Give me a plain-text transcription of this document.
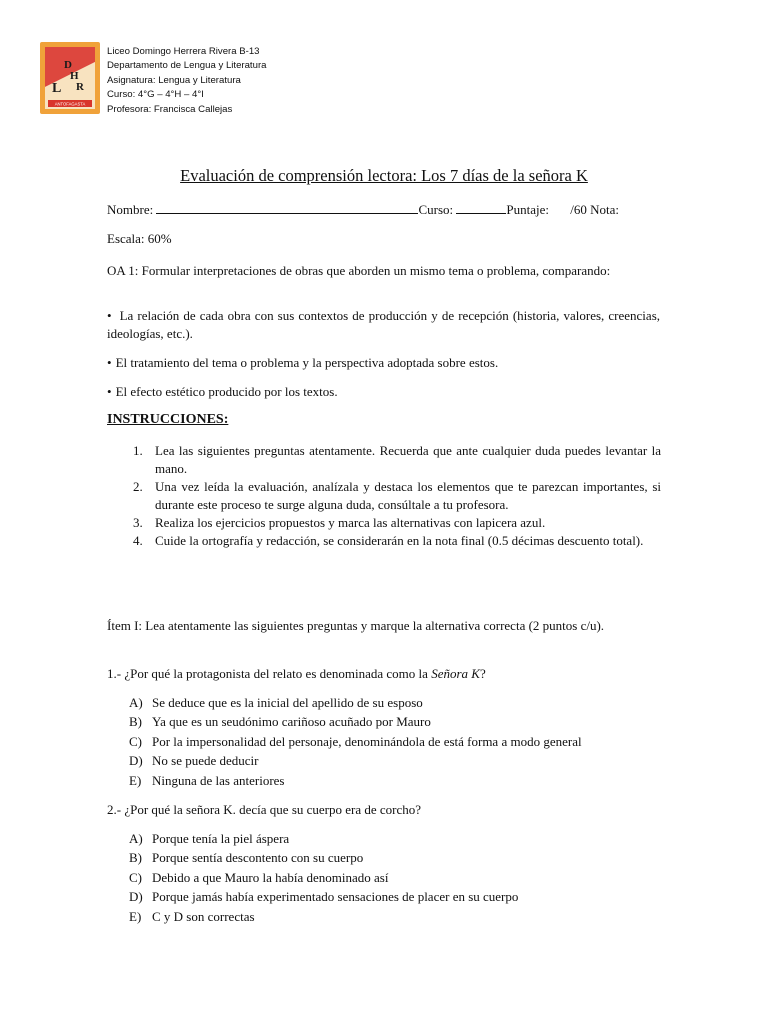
D
H
R
L
ANTOFAGASTA
Liceo Domingo Herrera Rivera B-13
Departamento de Lengua y Literatura
Asignatura: Lengua y Literatura
Curso: 4°G – 4°H – 4°I
Profesora: Francisca Callejas
Evaluación de comprensión lectora: Los 7 días de la señora K
Nombre:	Curso:	Puntaje: /60 Nota:
Escala: 60%
OA 1: Formular interpretaciones de obras que aborden un mismo tema o problema, comparando:
• La relación de cada obra con sus contextos de producción y de recepción (historia, valores, creencias, ideologías, etc.).
• El tratamiento del tema o problema y la perspectiva adoptada sobre estos.
• El efecto estético producido por los textos.
INSTRUCCIONES:
1. Lea las siguientes preguntas atentamente. Recuerda que ante cualquier duda puedes levantar la mano.
2. Una vez leída la evaluación, analízala y destaca los elementos que te parezcan importantes, si durante este proceso te surge alguna duda, consúltale a tu profesora.
3. Realiza los ejercicios propuestos y marca las alternativas con lapicera azul.
4. Cuide la ortografía y redacción, se considerarán en la nota final (0.5 décimas descuento total).
Ítem I: Lea atentamente las siguientes preguntas y marque la alternativa correcta (2 puntos c/u).
1.- ¿Por qué la protagonista del relato es denominada como la Señora K?
A) Se deduce que es la inicial del apellido de su esposo
B) Ya que es un seudónimo cariñoso acuñado por Mauro
C) Por la impersonalidad del personaje, denominándola de está forma a modo general
D) No se puede deducir
E) Ninguna de las anteriores
2.- ¿Por qué la señora K. decía que su cuerpo era de corcho?
A) Porque tenía la piel áspera
B) Porque sentía descontento con su cuerpo
C) Debido a que Mauro la había denominado así
D) Porque jamás había experimentado sensaciones de placer en su cuerpo
E) C y D son correctas
